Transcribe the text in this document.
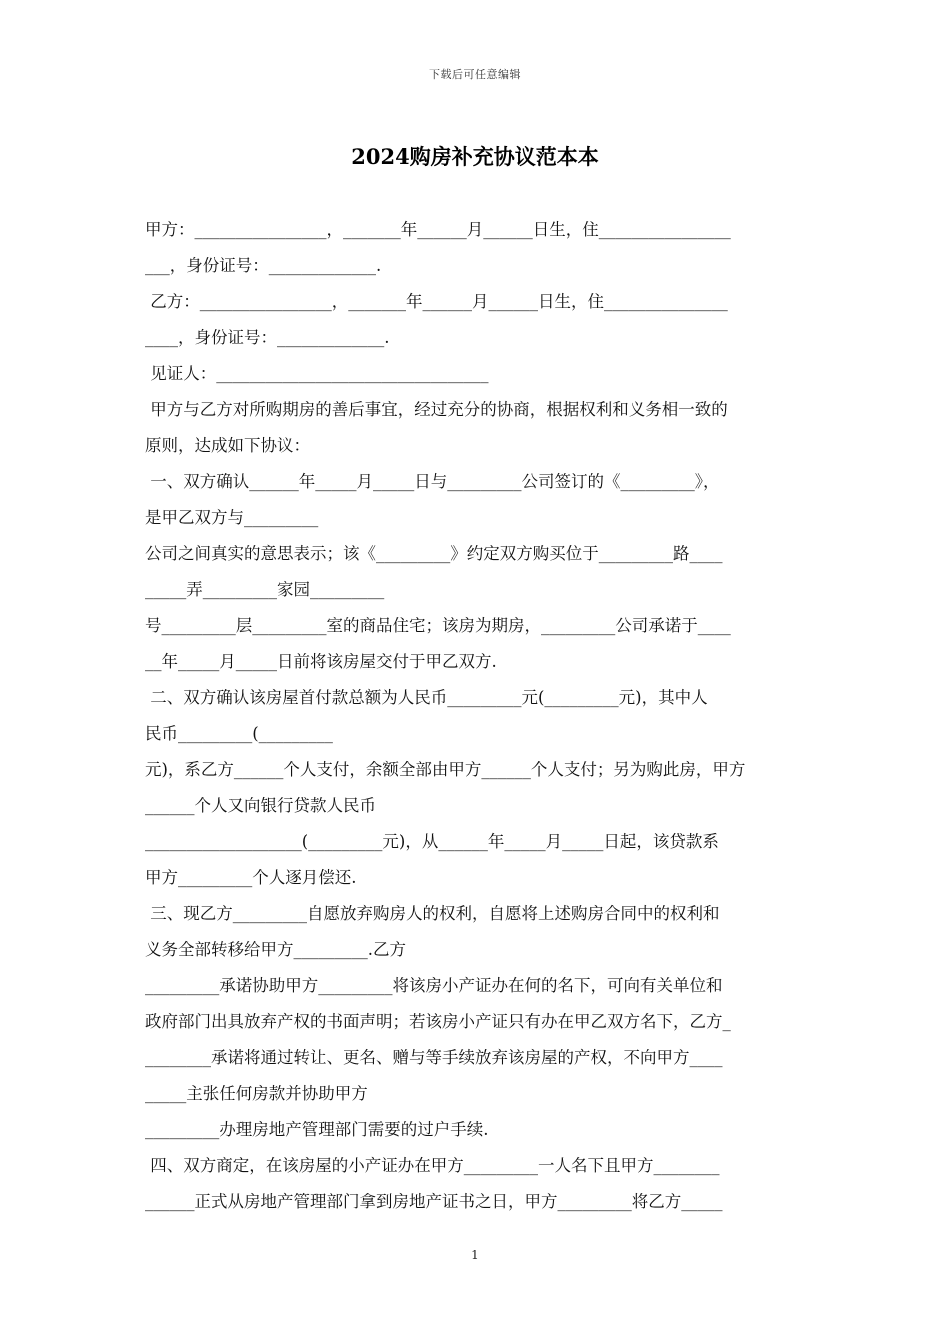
下载后可任意编辑
2024购房补充协议范本本
甲方：________________，_______年______月______日生，住________________
___，身份证号：_____________.
乙方：________________，_______年______月______日生，住_______________
____，身份证号：_____________.
见证人：_________________________________
甲方与乙方对所购期房的善后事宜，经过充分的协商，根据权利和义务相一致的
原则，达成如下协议：
一、双方确认______年_____月_____日与_________公司签订的《_________》，
是甲乙双方与_________
公司之间真实的意思表示；该《_________》约定双方购买位于_________路____
_____弄_________家园_________
号_________层_________室的商品住宅；该房为期房，_________公司承诺于____
__年_____月_____日前将该房屋交付于甲乙双方.
二、双方确认该房屋首付款总额为人民币_________元(_________元)，其中人
民币_________(_________
元)，系乙方______个人支付，余额全部由甲方______个人支付；另为购此房，甲方
______个人又向银行贷款人民币
___________________(_________元)，从______年_____月_____日起，该贷款系
甲方_________个人逐月偿还.
三、现乙方_________自愿放弃购房人的权利，自愿将上述购房合同中的权利和
义务全部转移给甲方_________.乙方
_________承诺协助甲方_________将该房小产证办在何的名下，可向有关单位和
政府部门出具放弃产权的书面声明；若该房小产证只有办在甲乙双方名下，乙方_
________承诺将通过转让、更名、赠与等手续放弃该房屋的产权，不向甲方____
_____主张任何房款并协助甲方
_________办理房地产管理部门需要的过户手续.
四、双方商定，在该房屋的小产证办在甲方_________一人名下且甲方________
______正式从房地产管理部门拿到房地产证书之日，甲方_________将乙方_____
1
